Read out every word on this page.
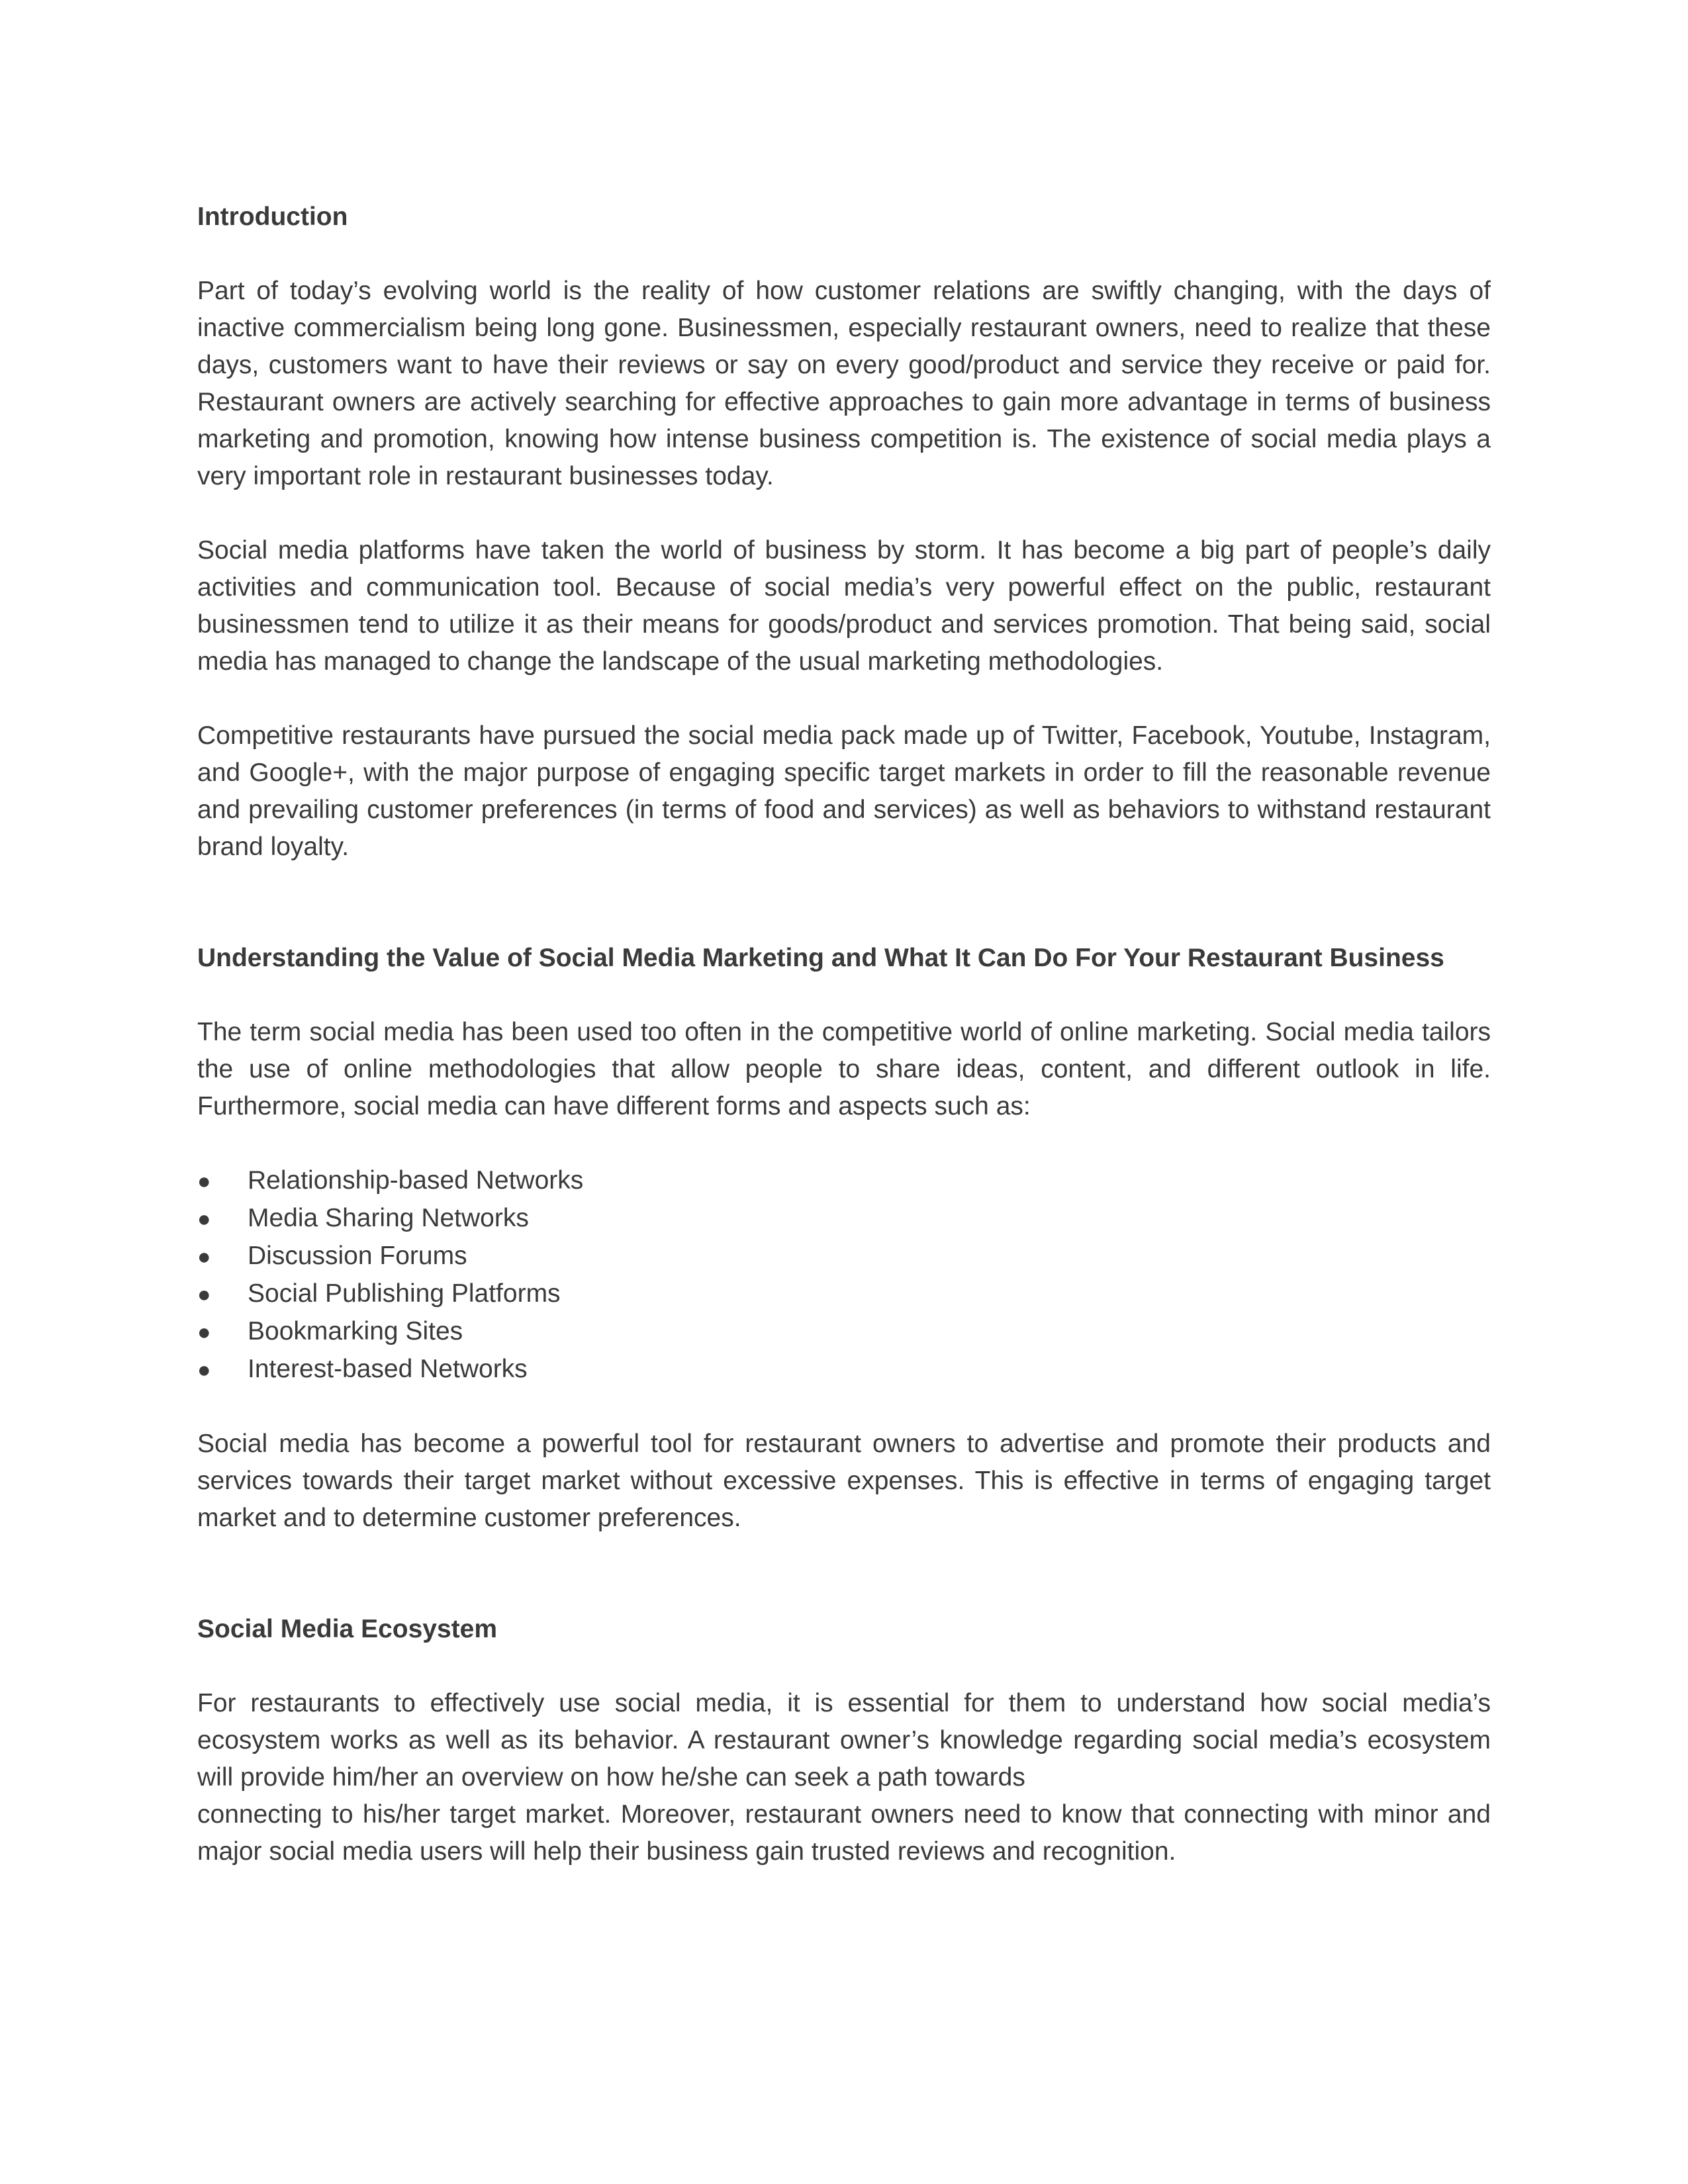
Introduction

Part of today’s evolving world is the reality of how customer relations are swiftly changing, with the days of inactive commercialism being long gone. Businessmen, especially restaurant owners, need to realize that these days, customers want to have their reviews or say on every good/product and service they receive or paid for. Restaurant owners are actively searching for effective approaches to gain more advantage in terms of business marketing and promotion, knowing how intense business competition is. The existence of social media plays a very important role in restaurant businesses today.

Social media platforms have taken the world of business by storm. It has become a big part of people’s daily activities and communication tool. Because of social media’s very powerful effect on the public, restaurant businessmen tend to utilize it as their means for goods/product and services promotion. That being said, social media has managed to change the landscape of the usual marketing methodologies.

Competitive restaurants have pursued the social media pack made up of Twitter, Facebook, Youtube, Instagram, and Google+, with the major purpose of engaging specific target markets in order to fill the reasonable revenue and prevailing customer preferences (in terms of food and services) as well as behaviors to withstand restaurant brand loyalty.

Understanding the Value of Social Media Marketing and What It Can Do For Your Restaurant Business

The term social media has been used too often in the competitive world of online marketing. Social media tailors the use of online methodologies that allow people to share ideas, content, and different outlook in life. Furthermore, social media can have different forms and aspects such as:

●	Relationship-based Networks
●	Media Sharing Networks
●	Discussion Forums
●	Social Publishing Platforms
●	Bookmarking Sites
●	Interest-based Networks

Social media has become a powerful tool for restaurant owners to advertise and promote their products and services towards their target market without excessive expenses. This is effective in terms of engaging target market and to determine customer preferences.

Social Media Ecosystem

For restaurants to effectively use social media, it is essential for them to understand how social media’s ecosystem works as well as its behavior. A restaurant owner’s knowledge regarding social media’s ecosystem will provide him/her an overview on how he/she can seek a path towards

connecting to his/her target market. Moreover, restaurant owners need to know that connecting with minor and major social media users will help their business gain trusted reviews and recognition.
